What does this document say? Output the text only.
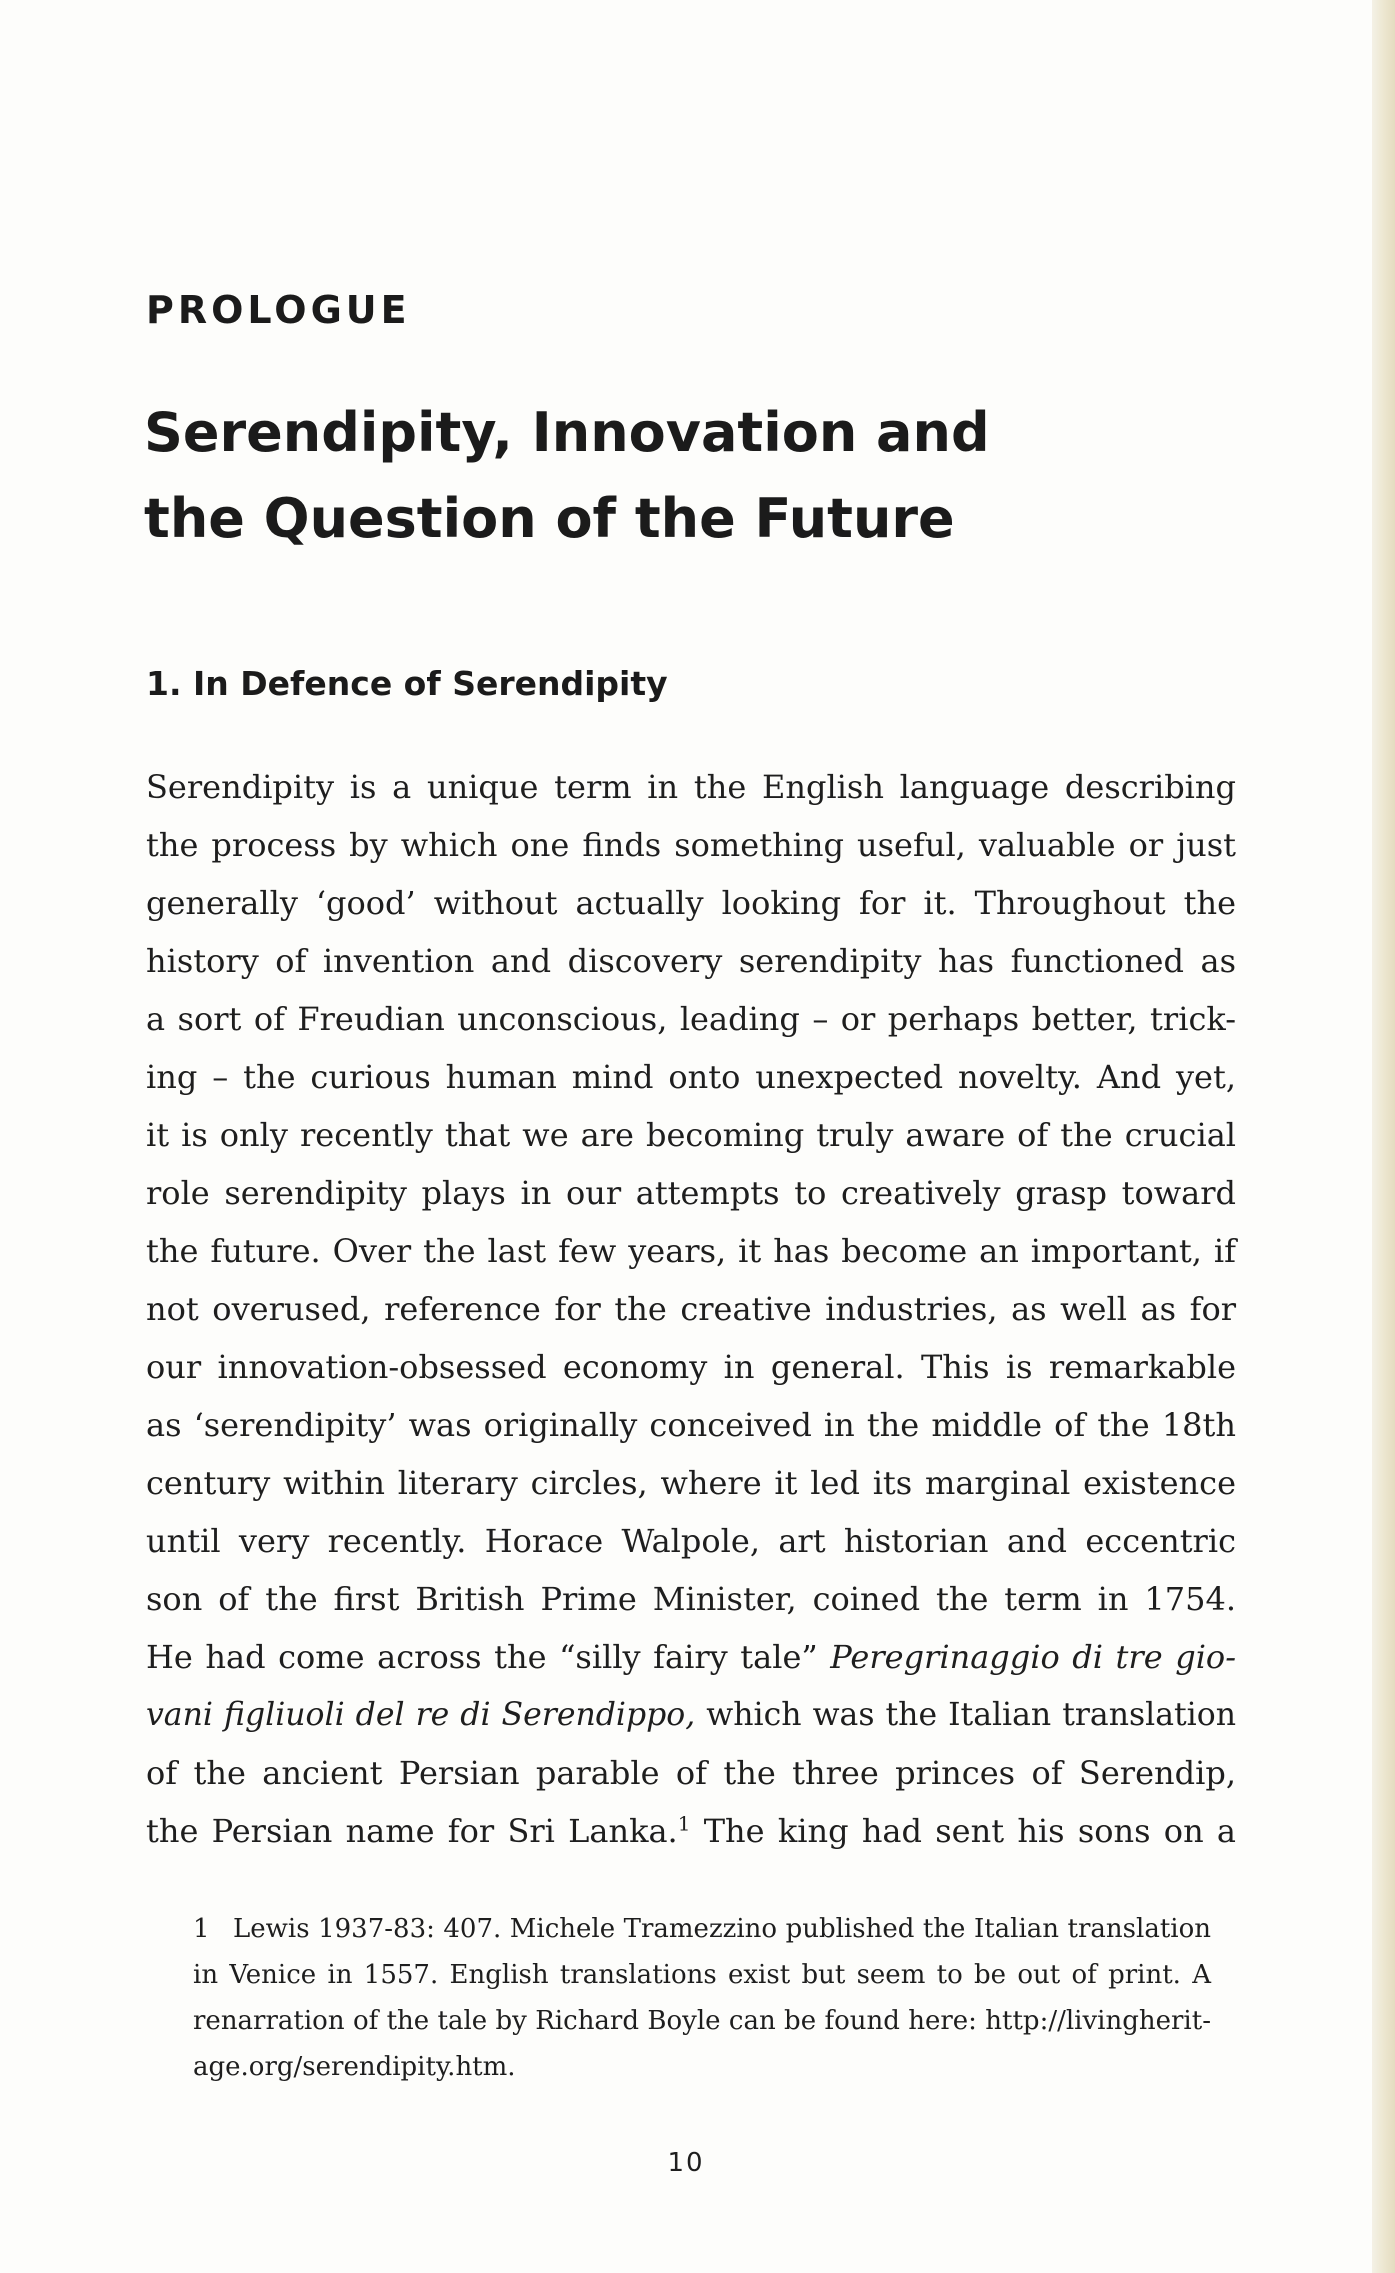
PROLOGUE

Serendipity, Innovation and
the Question of the Future
1. In Defence of Serendipity
Serendipity is a unique term in the English language describing
the process by which one finds something useful, valuable or just
generally ‘good’ without actually looking for it. Throughout the
history of invention and discovery serendipity has functioned as
a sort of Freudian unconscious, leading – or perhaps better, trick-
ing – the curious human mind onto unexpected novelty. And yet,
it is only recently that we are becoming truly aware of the crucial
role serendipity plays in our attempts to creatively grasp toward
the future. Over the last few years, it has become an important, if
not overused, reference for the creative industries, as well as for
our innovation-obsessed economy in general. This is remarkable
as ‘serendipity’ was originally conceived in the middle of the 18th
century within literary circles, where it led its marginal existence
until very recently. Horace Walpole, art historian and eccentric
son of the first British Prime Minister, coined the term in 1754.
He had come across the “silly fairy tale” Peregrinaggio di tre gio-
vani figliuoli del re di Serendippo, which was the Italian translation
of the ancient Persian parable of the three princes of Serendip,
the Persian name for Sri Lanka.$^1$ The king had sent his sons on a
1 Lewis 1937-83: 407. Michele Tramezzino published the Italian translation
in Venice in 1557. English translations exist but seem to be out of print. A
renarration of the tale by Richard Boyle can be found here: http://livingherit-
age.org/serendipity.htm.

10
